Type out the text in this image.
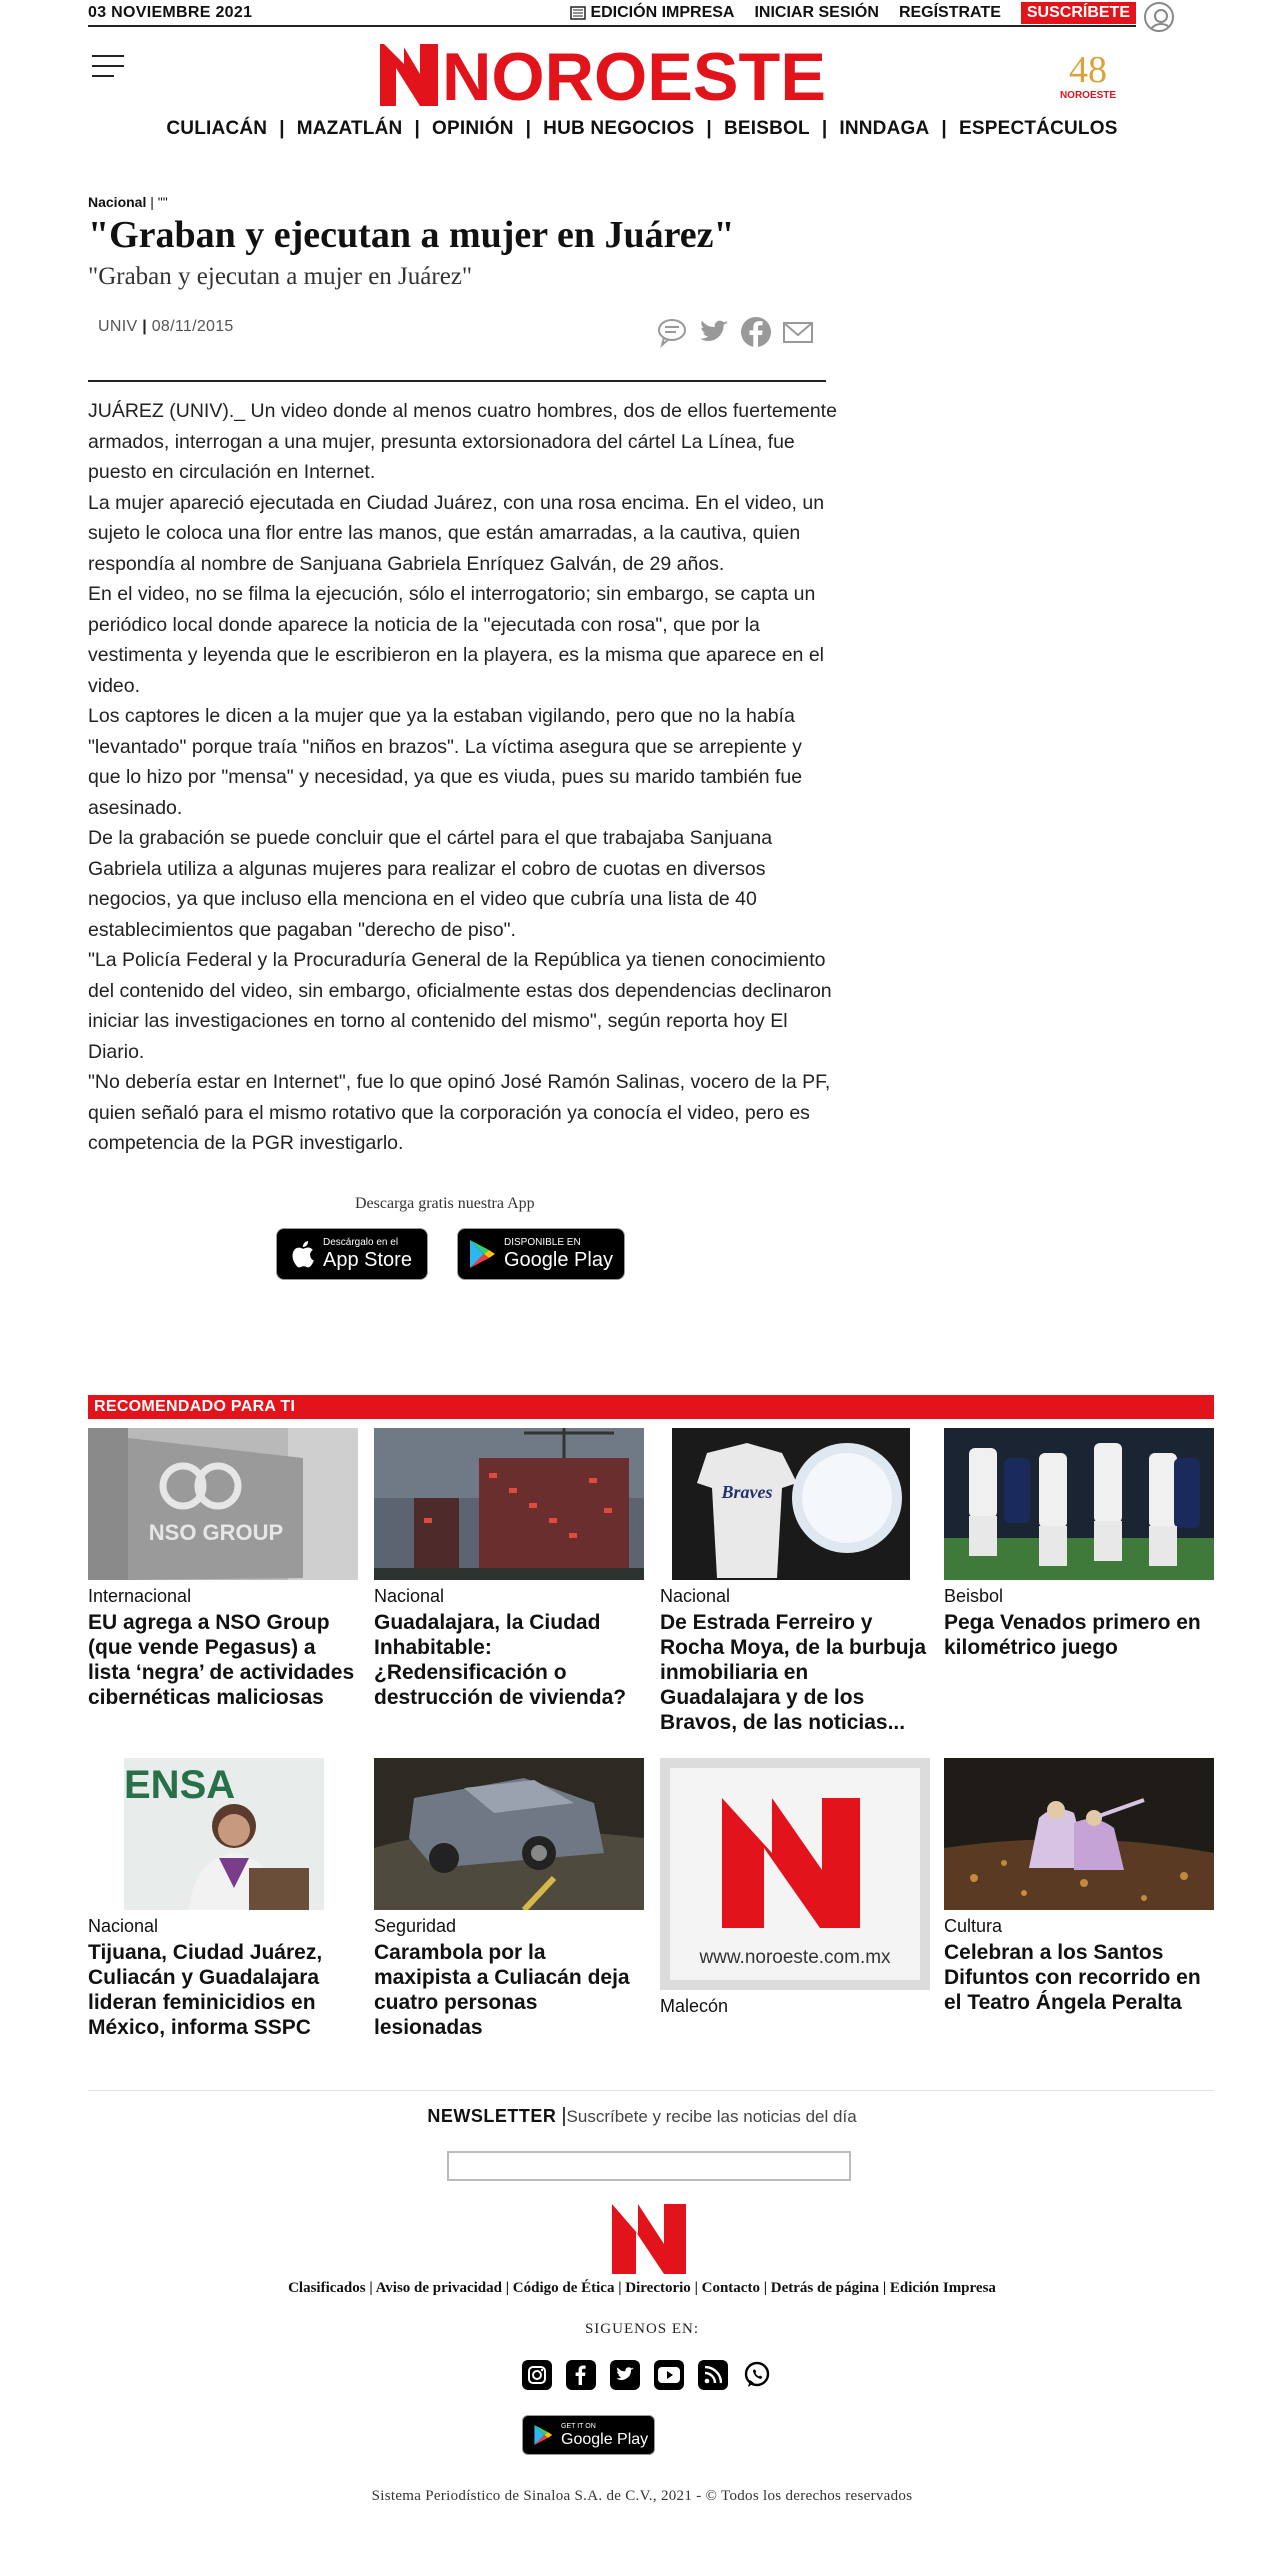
03 NOVIEMBRE 2021	EDICIÓN IMPRESA INICIAR SESIÓN REGÍSTRATE	SUSCRÍBETE
NOROESTE	48
NOROESTE
CULIACÁN | MAZATLÁN | OPINIÓN | HUB NEGOCIOS | BEISBOL | INNDAGA | ESPECTÁCULOS
Nacional | ""
"Graban y ejecutan a mujer en Juárez"
"Graban y ejecutan a mujer en Juárez"
UNIV | 08/11/2015

JUÁREZ (UNIV)._ Un video donde al menos cuatro hombres, dos de ellos fuertemente armados, interrogan a una mujer, presunta extorsionadora del cártel La Línea, fue puesto en circulación en Internet.

La mujer apareció ejecutada en Ciudad Juárez, con una rosa encima. En el video, un sujeto le coloca una flor entre las manos, que están amarradas, a la cautiva, quien respondía al nombre de Sanjuana Gabriela Enríquez Galván, de 29 años.

En el video, no se filma la ejecución, sólo el interrogatorio; sin embargo, se capta un periódico local donde aparece la noticia de la "ejecutada con rosa", que por la vestimenta y leyenda que le escribieron en la playera, es la misma que aparece en el video.

Los captores le dicen a la mujer que ya la estaban vigilando, pero que no la había "levantado" porque traía "niños en brazos". La víctima asegura que se arrepiente y que lo hizo por "mensa" y necesidad, ya que es viuda, pues su marido también fue asesinado.

De la grabación se puede concluir que el cártel para el que trabajaba Sanjuana Gabriela utiliza a algunas mujeres para realizar el cobro de cuotas en diversos negocios, ya que incluso ella menciona en el video que cubría una lista de 40 establecimientos que pagaban "derecho de piso".

"La Policía Federal y la Procuraduría General de la República ya tienen conocimiento del contenido del video, sin embargo, oficialmente estas dos dependencias declinaron iniciar las investigaciones en torno al contenido del mismo", según reporta hoy El Diario.

"No debería estar en Internet", fue lo que opinó José Ramón Salinas, vocero de la PF, quien señaló para el mismo rotativo que la corporación ya conocía el video, pero es competencia de la PGR investigarlo.

Descarga gratis nuestra App
Descárgalo en el
App Store
DISPONIBLE EN
Google Play
RECOMENDADO PARA TI
NSO GROUP
Internacional
EU agrega a NSO Group (que vende Pegasus) a lista ‘negra’ de actividades cibernéticas maliciosas
Nacional
Guadalajara, la Ciudad Inhabitable: ¿Redensificación o destrucción de vivienda?
Braves
Nacional
De Estrada Ferreiro y Rocha Moya, de la burbuja inmobiliaria en Guadalajara y de los Bravos, de las noticias...
Beisbol
Pega Venados primero en kilométrico juego
ENSA
Nacional
Tijuana, Ciudad Juárez, Culiacán y Guadalajara lideran feminicidios en México, informa SSPC
Seguridad
Carambola por la maxipista a Culiacán deja cuatro personas lesionadas
www.noroeste.com.mx
Malecón
Cultura
Celebran a los Santos Difuntos con recorrido en el Teatro Ángela Peralta
NEWSLETTER |Suscríbete y recibe las noticias del día
Clasificados | Aviso de privacidad | Código de Ética | Directorio | Contacto | Detrás de página | Edición Impresa
SIGUENOS EN:
GET IT ON
Google Play
Sistema Periodístico de Sinaloa S.A. de C.V., 2021 - © Todos los derechos reservados
